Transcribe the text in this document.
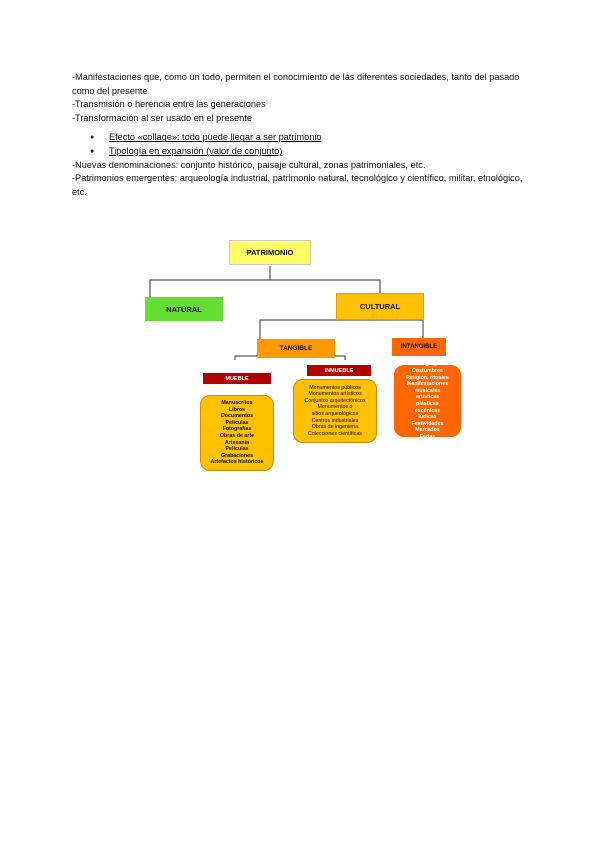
-Manifestaciones que, como un todo, permiten el conocimiento de las diferentes sociedades, tanto del pasado como del presente

-Transmisión o herencia entre las generaciones

-Transformación al ser usado en el presente

● Efecto «collage»: todo puede llegar a ser patrimonio
● Tipología en expansión (valor de conjunto)

-Nuevas denominaciones: conjunto histórico, paisaje cultural, zonas patrimoniales, etc.

-Patrimonios emergentes: arqueología industrial, patrimonio natural, tecnológico y científico, militar, etnológico, etc.

PATRIMONIO
NATURAL	CULTURAL
TANGIBLE	INTANGIBLE
MUEBLE
INMUEBLE
Manuscritos
Libros
Documentos
Películas
Fotografías
Obras de arte
Artesanía
Películas
Grabaciones
Artefactos históricos
Monumentos públicos
Monumentos artísticos
Conjuntos arquitectónicos
Monumentos o
sitios arqueológicos
Centros industriales
Obras de ingeniería
Colecciones científicas
Lenguaje
Costumbres
Religión, rituales
Manifestaciones
musicales
artísticas
plásticas
escénicas
lúdicas
Festividades
Mercados
Ferias
